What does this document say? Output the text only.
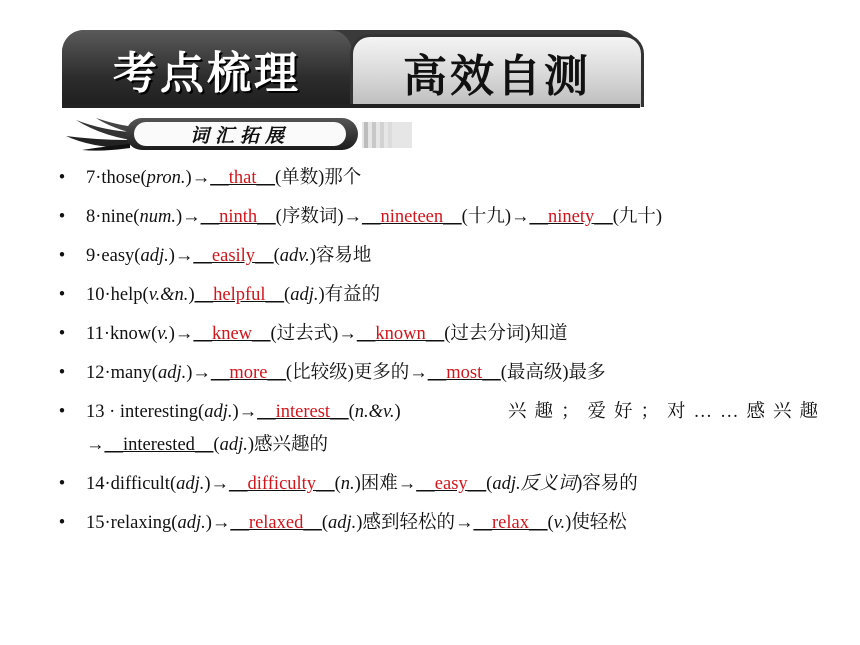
考点梳理	高效自测
词汇拓展
• 7·those(pron.)→__that__(单数)那个
• 8·nine(num.)→__ninth__(序数词)→__nineteen__(十九)→__ninety__(九十)
• 9·easy(adj.)→__easily__(adv.)容易地
• 10·help(v.&n.)__helpful__(adj.)有益的
• 11·know(v.)→__knew__(过去式)→__known__(过去分词)知道
• 12·many(adj.)→__more__(比较级)更多的→__most__(最高级)最多
• 13 · interesting(adj.)→__interest__(n.&v.)	兴趣；爱好；对……感兴趣
→__interested__(adj.)感兴趣的
• 14·difficult(adj.)→__difficulty__(n.)困难→__easy__(adj.反义词)容易的
• 15·relaxing(adj.)→__relaxed__(adj.)感到轻松的→__relax__(v.)使轻松
